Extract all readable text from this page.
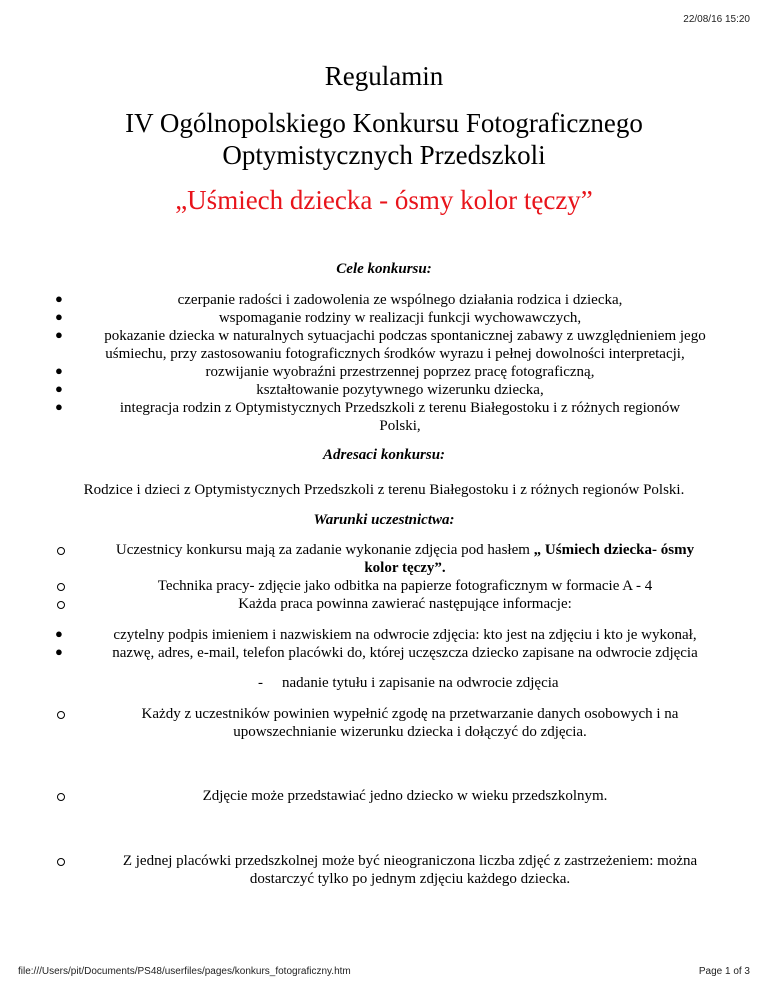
22/08/16 15:20
Regulamin
IV Ogólnopolskiego Konkursu Fotograficznego
Optymistycznych Przedszkoli
„Uśmiech dziecka - ósmy kolor tęczy”
Cele konkursu:
●	czerpanie radości i zadowolenia ze wspólnego działania rodzica i dziecka,
●	wspomaganie rodziny w realizacji funkcji wychowawczych,
●	pokazanie dziecka w naturalnych sytuacjachi podczas spontanicznej zabawy z uwzględnieniem jego
uśmiechu, przy zastosowaniu fotograficznych środków wyrazu i pełnej dowolności interpretacji,
●	rozwijanie wyobraźni przestrzennej poprzez pracę fotograficzną,
●	kształtowanie pozytywnego wizerunku dziecka,
●	integracja rodzin z Optymistycznych Przedszkoli z terenu Białegostoku i z różnych regionów
Polski,
Adresaci konkursu:
Rodzice i dzieci z Optymistycznych Przedszkoli z terenu Białegostoku i z różnych regionów Polski.
Warunki uczestnictwa:
Uczestnicy konkursu mają za zadanie wykonanie zdjęcia pod hasłem „ Uśmiech dziecka- ósmy
kolor tęczy”.
Technika pracy- zdjęcie jako odbitka na papierze fotograficznym w formacie A - 4
Każda praca powinna zawierać następujące informacje:
●	czytelny podpis imieniem i nazwiskiem na odwrocie zdjęcia: kto jest na zdjęciu i kto je wykonał,
●	nazwę, adres, e-mail, telefon placówki do, której uczęszcza dziecko zapisane na odwrocie zdjęcia
- nadanie tytułu i zapisanie na odwrocie zdjęcia
Każdy z uczestników powinien wypełnić zgodę na przetwarzanie danych osobowych i na
upowszechnianie wizerunku dziecka i dołączyć do zdjęcia.
Zdjęcie może przedstawiać jedno dziecko w wieku przedszkolnym.
Z jednej placówki przedszkolnej może być nieograniczona liczba zdjęć z zastrzeżeniem: można
dostarczyć tylko po jednym zdjęciu każdego dziecka.
file:///Users/pit/Documents/PS48/userfiles/pages/konkurs_fotograficzny.htm	Page 1 of 3
